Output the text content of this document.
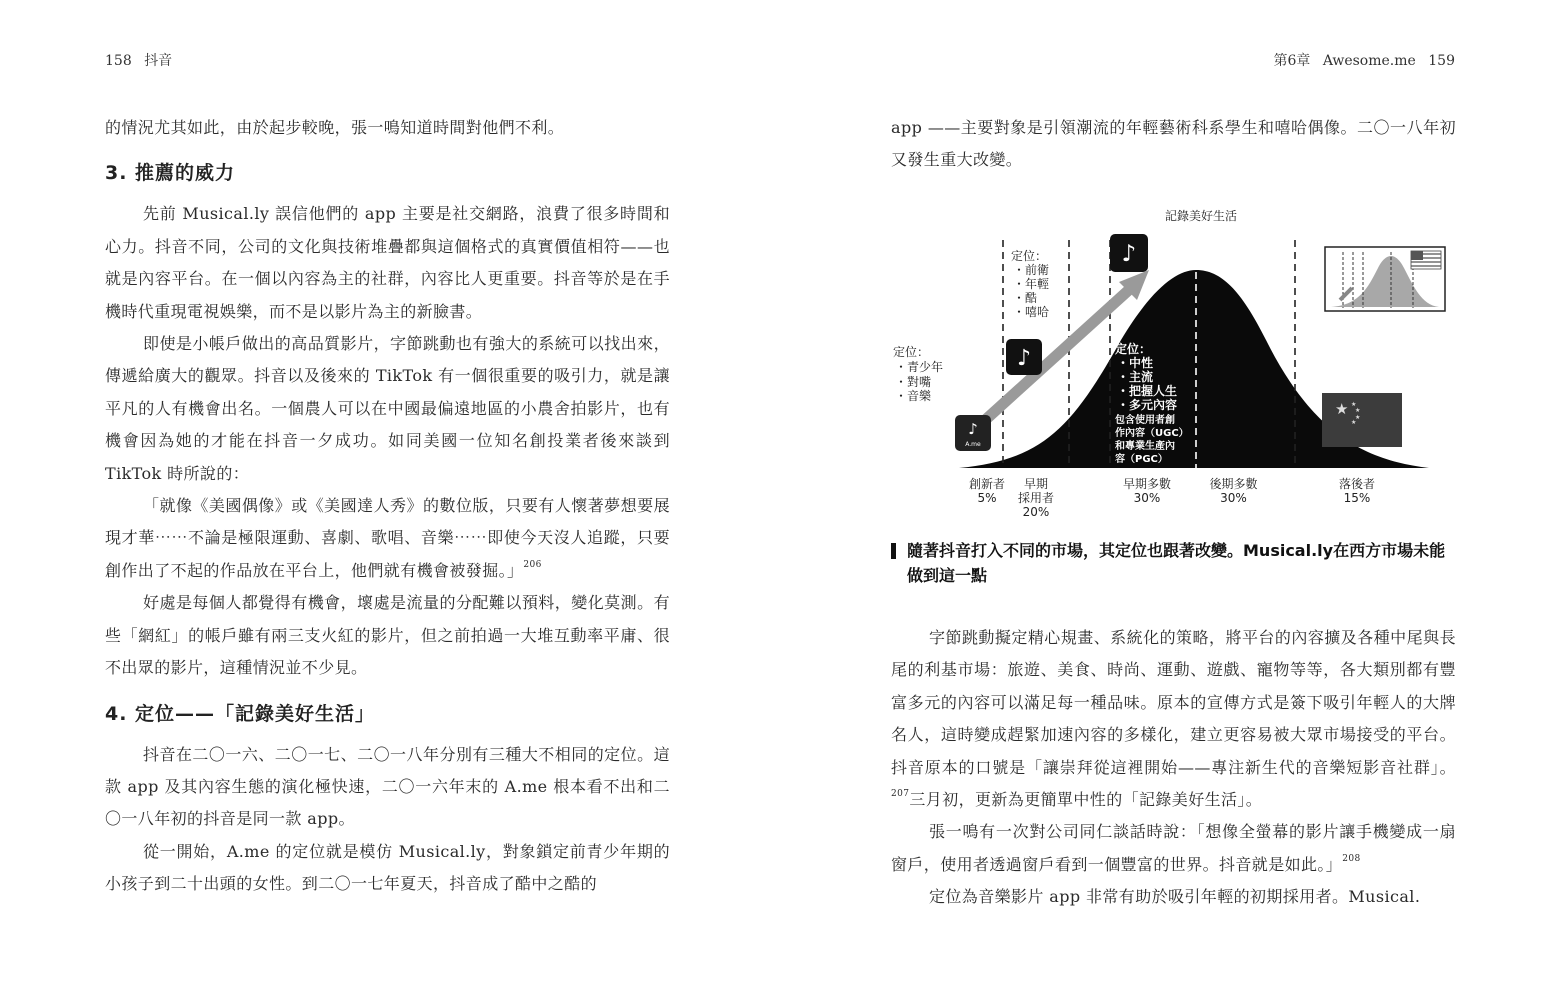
158 抖音

的情況尤其如此，由於起步較晚，張一鳴知道時間對他們不利。

3. 推薦的威力

先前 Musical.ly 誤信他們的 app 主要是社交網路，浪費了很多時間和心力。抖音不同，公司的文化與技術堆疊都與這個格式的真實價值相符——也就是內容平台。在一個以內容為主的社群，內容比人更重要。抖音等於是在手機時代重現電視娛樂，而不是以影片為主的新臉書。

即使是小帳戶做出的高品質影片，字節跳動也有強大的系統可以找出來，傳遞給廣大的觀眾。抖音以及後來的 TikTok 有一個很重要的吸引力，就是讓平凡的人有機會出名。一個農人可以在中國最偏遠地區的小農舍拍影片，也有機會因為她的才能在抖音一夕成功。如同美國一位知名創投業者後來談到 TikTok 時所說的：

「就像《美國偶像》或《美國達人秀》的數位版，只要有人懷著夢想要展現才華⋯⋯不論是極限運動、喜劇、歌唱、音樂⋯⋯即使今天沒人追蹤，只要創作出了不起的作品放在平台上，他們就有機會被發掘。」$^{206}$

好處是每個人都覺得有機會，壞處是流量的分配難以預料，變化莫測。有些「網紅」的帳戶雖有兩三支火紅的影片，但之前拍過一大堆互動率平庸、很不出眾的影片，這種情況並不少見。

4. 定位——「記錄美好生活」

抖音在二〇一六、二〇一七、二〇一八年分別有三種大不相同的定位。這款 app 及其內容生態的演化極快速，二〇一六年末的 A.me 根本看不出和二〇一八年初的抖音是同一款 app。

從一開始，A.me 的定位就是模仿 Musical.ly，對象鎖定前青少年期的小孩子到二十出頭的女性。到二〇一七年夏天，抖音成了酷中之酷的

第6章 Awesome.me 159

app ——主要對象是引領潮流的年輕藝術科系學生和嘻哈偶像。二〇一八年初又發生重大改變。

記錄美好生活
♪
A.me
♪
♪
定位：
・青少年
・對嘴
・音樂
定位：
・前衛
・年輕
・酷
・嘻哈
定位：
・中性
・主流
・把握人生
・多元內容
包含使用者創
作內容（UGC）
和專業生產內
容（PGC）
★ ★
★
★
★
創新者
5%
早期
採用者
20%
早期多數
30%
後期多數
30%
落後者
15%
隨著抖音打入不同的市場，其定位也跟著改變。Musical.ly在西方市場未能做到這一點

字節跳動擬定精心規畫、系統化的策略，將平台的內容擴及各種中尾與長尾的利基市場：旅遊、美食、時尚、運動、遊戲、寵物等等，各大類別都有豐富多元的內容可以滿足每一種品味。原本的宣傳方式是簽下吸引年輕人的大牌名人，這時變成趕緊加速內容的多樣化，建立更容易被大眾市場接受的平台。抖音原本的口號是「讓崇拜從這裡開始——專注新生代的音樂短影音社群」。$^{207}$三月初，更新為更簡單中性的「記錄美好生活」。

張一鳴有一次對公司同仁談話時說：「想像全螢幕的影片讓手機變成一扇窗戶，使用者透過窗戶看到一個豐富的世界。抖音就是如此。」$^{208}$

定位為音樂影片 app 非常有助於吸引年輕的初期採用者。Musical.
